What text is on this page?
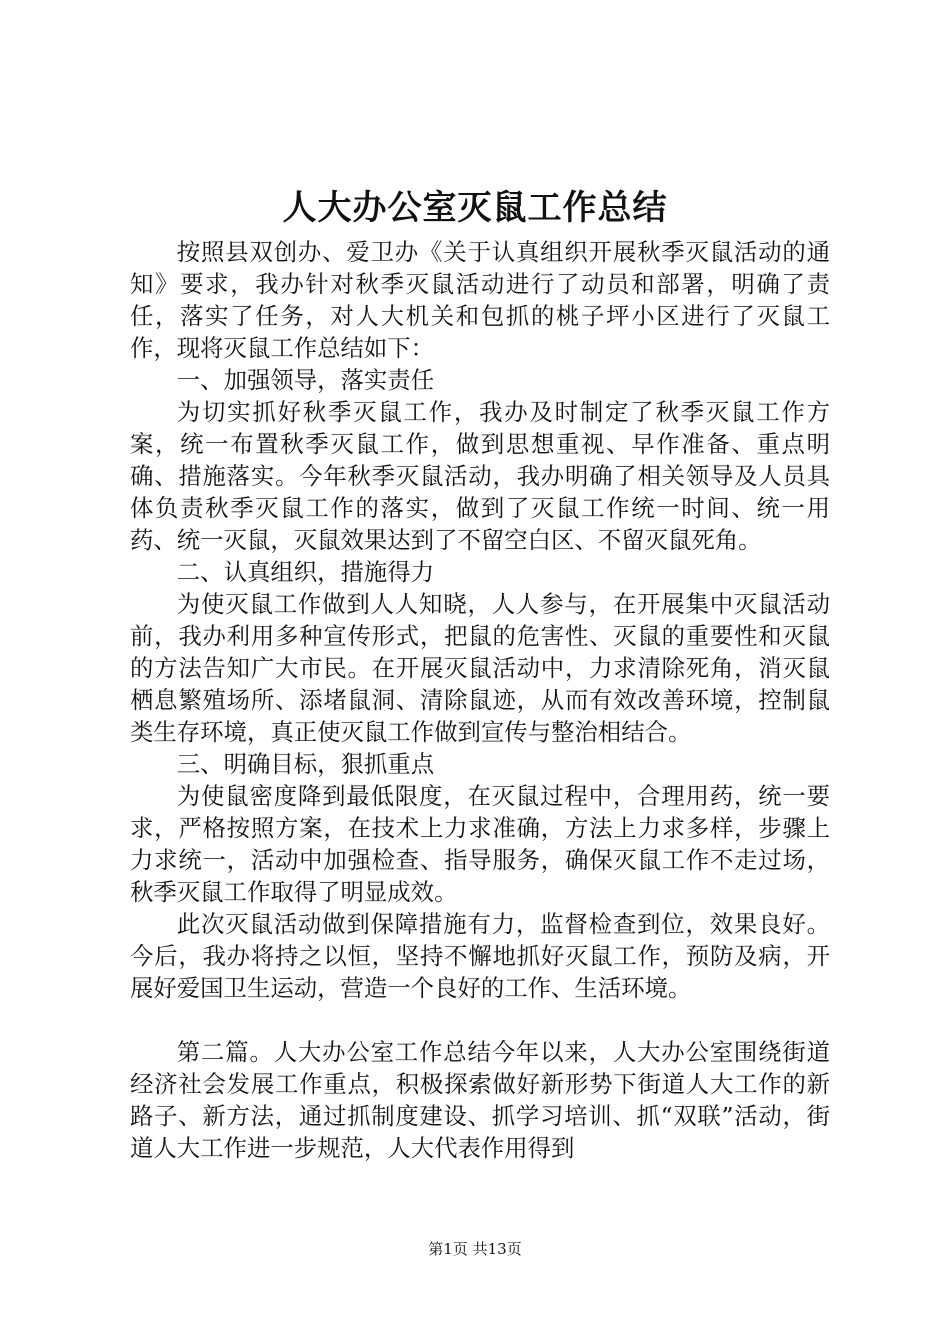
人大办公室灭鼠工作总结

按照县双创办、爱卫办《关于认真组织开展秋季灭鼠活动的通知》要求，我办针对秋季灭鼠活动进行了动员和部署，明确了责任，落实了任务，对人大机关和包抓的桃子坪小区进行了灭鼠工作，现将灭鼠工作总结如下：

一、加强领导，落实责任

为切实抓好秋季灭鼠工作，我办及时制定了秋季灭鼠工作方案，统一布置秋季灭鼠工作，做到思想重视、早作准备、重点明确、措施落实。今年秋季灭鼠活动，我办明确了相关领导及人员具体负责秋季灭鼠工作的落实，做到了灭鼠工作统一时间、统一用药、统一灭鼠，灭鼠效果达到了不留空白区、不留灭鼠死角。

二、认真组织，措施得力

为使灭鼠工作做到人人知晓，人人参与，在开展集中灭鼠活动前，我办利用多种宣传形式，把鼠的危害性、灭鼠的重要性和灭鼠的方法告知广大市民。在开展灭鼠活动中，力求清除死角，消灭鼠栖息繁殖场所、添堵鼠洞、清除鼠迹，从而有效改善环境，控制鼠类生存环境，真正使灭鼠工作做到宣传与整治相结合。

三、明确目标，狠抓重点

为使鼠密度降到最低限度，在灭鼠过程中，合理用药，统一要求，严格按照方案，在技术上力求准确，方法上力求多样，步骤上力求统一，活动中加强检查、指导服务，确保灭鼠工作不走过场，秋季灭鼠工作取得了明显成效。

此次灭鼠活动做到保障措施有力，监督检查到位，效果良好。今后，我办将持之以恒，坚持不懈地抓好灭鼠工作，预防及病，开展好爱国卫生运动，营造一个良好的工作、生活环境。

第二篇。人大办公室工作总结今年以来，人大办公室围绕街道经济社会发展工作重点，积极探索做好新形势下街道人大工作的新路子、新方法，通过抓制度建设、抓学习培训、抓“双联”活动，街道人大工作进一步规范，人大代表作用得到

第1页 共13页
